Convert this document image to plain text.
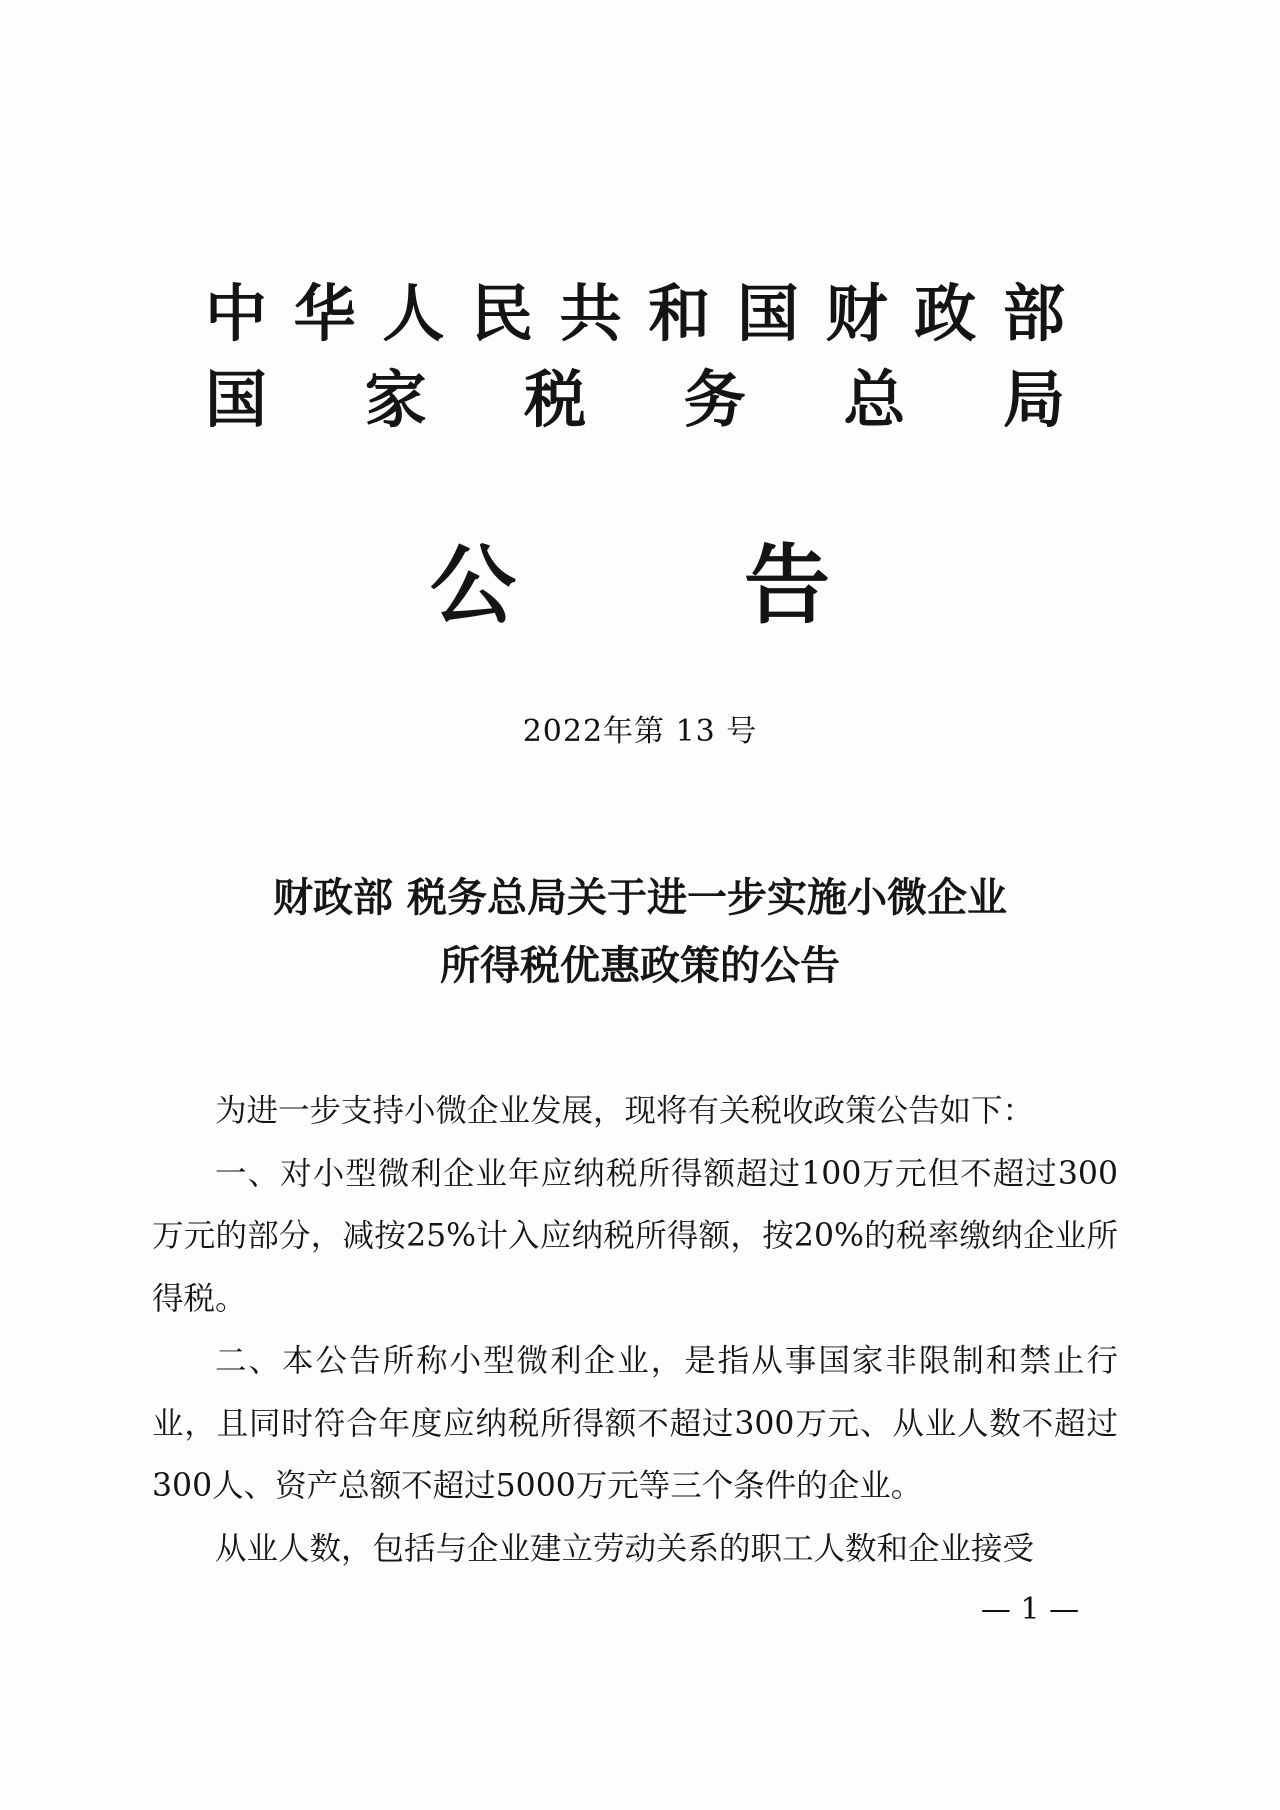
中 华 人 民 共 和 国 财 政 部
国 家 税 务 总 局
公	告
2022年第 13 号
财政部 税务总局关于进一步实施小微企业
所得税优惠政策的公告

为进一步支持小微企业发展，现将有关税收政策公告如下：

一、对小型微利企业年应纳税所得额超过100万元但不超过300万元的部分，减按25%计入应纳税所得额，按20%的税率缴纳企业所得税。

二、本公告所称小型微利企业，是指从事国家非限制和禁止行业，且同时符合年度应纳税所得额不超过300万元、从业人数不超过300人、资产总额不超过5000万元等三个条件的企业。

从业人数，包括与企业建立劳动关系的职工人数和企业接受

— 1 —
